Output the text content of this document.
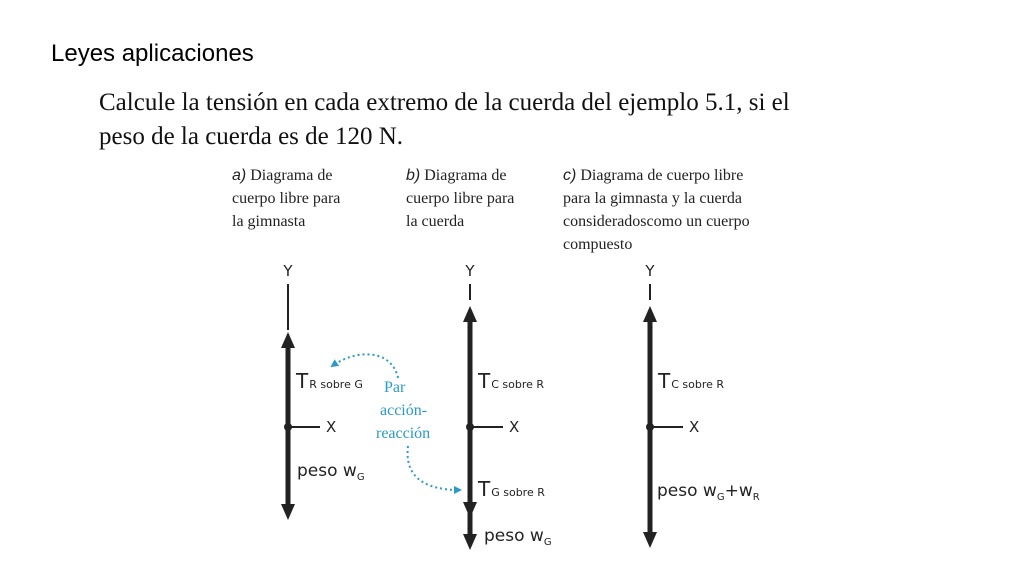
Leyes aplicaciones
Calcule la tensión en cada extremo de la cuerda del ejemplo 5.1, si el
peso de la cuerda es de 120 N.
a) Diagrama de
cuerpo libre para
la gimnasta
b) Diagrama de
cuerpo libre para
la cuerda
c) Diagrama de cuerpo libre
para la gimnasta y la cuerda
consideradoscomo un cuerpo
compuesto
Y
X
TR sobre G
peso $w_G$
Y
X
TC sobre R
TG sobre R
peso $w_G$
Par
acción-
reacción
Y
X
TC sobre R
peso $w_G+w_R$
